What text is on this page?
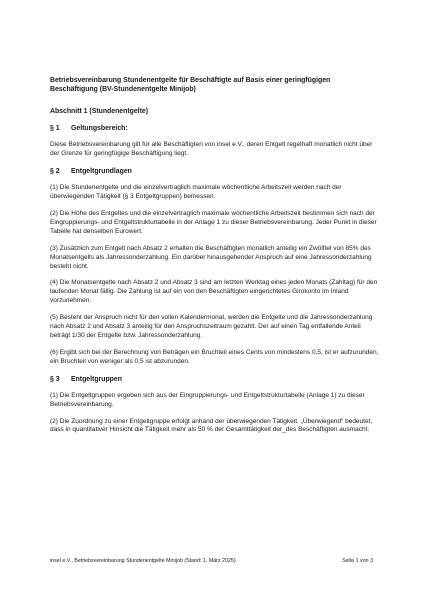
Betriebsvereinbarung Stundenentgelte für Beschäftigte auf Basis einer geringfügigen Beschäftigung (BV-Stundenentgelte Minijob)
Abschnitt 1 (Stundenentgelte)
§ 1	Geltungsbereich:

Diese Betriebsvereinbarung gilt für alle Beschäftigten von insel e.V., deren Entgelt regelhaft monatlich nicht über der Grenze für geringfügige Beschäftigung liegt.

§ 2	Entgeltgrundlagen

(1) Die Stundenentgelte und die einzelvertraglich maximale wöchentliche Arbeitszeit werden nach der überwiegenden Tätigkeit (§ 3 Entgeltgruppen) bemessen.

(2) Die Höhe des Entgeltes und die einzelvertraglich maximale wöchentliche Arbeitszeit bestimmen sich nach der Eingruppierungs- und Entgeltstrukturtabelle in der Anlage 1 zu dieser Betriebsvereinbarung. Jeder Punkt in dieser Tabelle hat denselben Eurowert.

(3) Zusätzlich zum Entgelt nach Absatz 2 erhalten die Beschäftigten monatlich anteilig ein Zwölftel von 85% des Monatsentgelts als Jahressonderzahlung. Ein darüber hinausgehender Anspruch auf eine Jahressonderzahlung besteht nicht.

(4) Die Monatsentgelte nach Absatz 2 und Absatz 3 sind am letzten Werktag eines jeden Monats (Zahltag) für den laufenden Monat fällig. Die Zahlung ist auf ein von den Beschäftigten eingerichtetes Girokonto im Inland vorzunehmen.

(5) Besteht der Anspruch nicht für den vollen Kalendermonat, werden die Entgelte und die Jahressonderzahlung nach Absatz 2 und Absatz 3 anteilig für den Anspruchszeitraum gezahlt. Der auf einen Tag entfallende Anteil beträgt 1/30 der Entgelte bzw. Jahressonderzahlung.

(6) Ergibt sich bei der Berechnung von Beträgen ein Bruchteil eines Cents von mindestens 0,5, ist er aufzurunden, ein Bruchteil von weniger als 0,5 ist abzurunden.

§ 3	Entgeltgruppen

(1) Die Entgeltgruppen ergeben sich aus der Eingruppierungs- und Entgeltstrukturtabelle (Anlage 1) zu dieser Betriebsvereinbarung.

(2) Die Zuordnung zu einer Entgeltgruppe erfolgt anhand der überwiegenden Tätigkeit. „Überwiegend“ bedeutet, dass in quantitativer Hinsicht die Tätigkeit mehr als 50 % der Gesamttätigkeit der_des Beschäftigten ausmacht.

insel e.V., Betriebsvereinbarung Stundenentgelte Minijob (Stand: 1. März 2025)	Seite 1 von 3
